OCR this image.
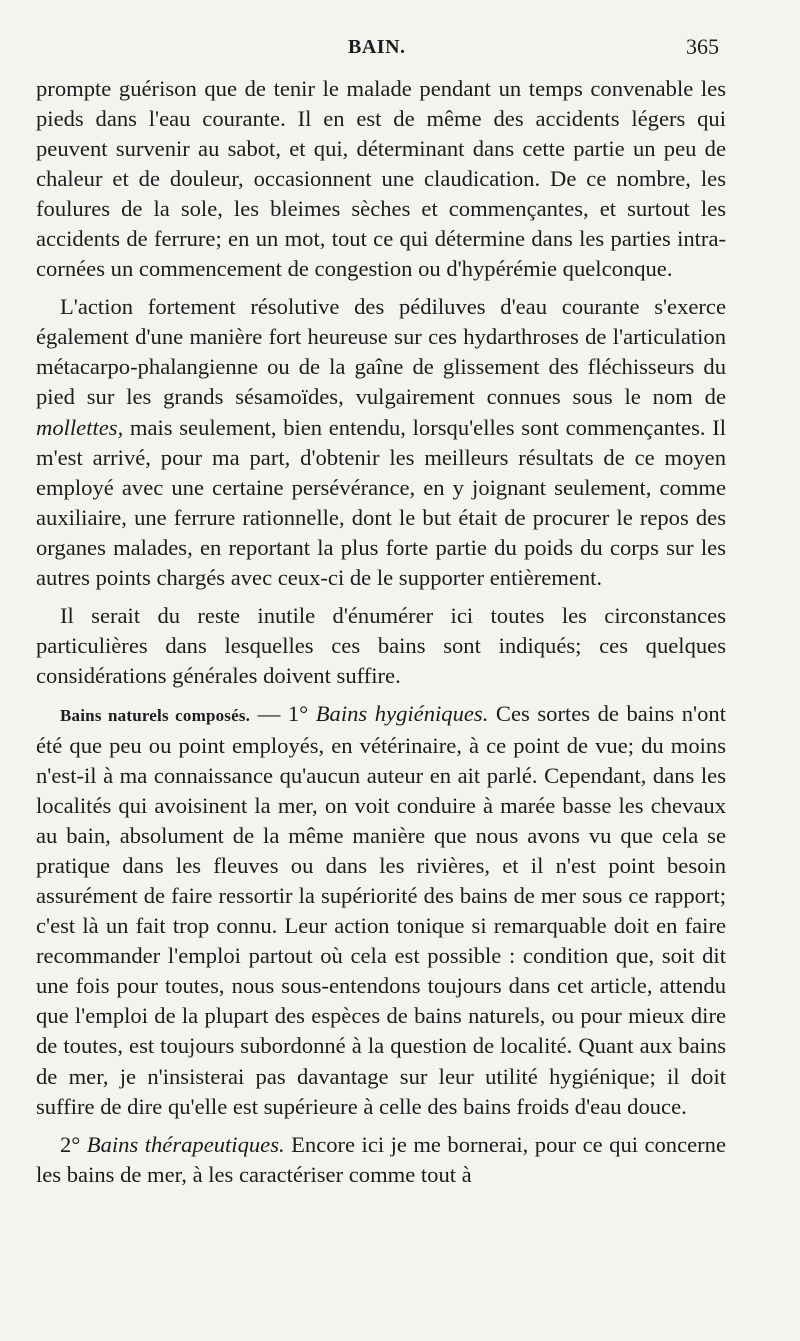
BAIN.	365

prompte guérison que de tenir le malade pendant un temps convenable les pieds dans l'eau courante. Il en est de même des accidents légers qui peuvent survenir au sabot, et qui, déterminant dans cette partie un peu de chaleur et de douleur, occasionnent une claudication. De ce nombre, les foulures de la sole, les bleimes sèches et commençantes, et surtout les accidents de ferrure; en un mot, tout ce qui détermine dans les parties intra-cornées un commencement de congestion ou d'hypérémie quelconque.

L'action fortement résolutive des pédiluves d'eau courante s'exerce également d'une manière fort heureuse sur ces hydarthroses de l'articulation métacarpo-phalangienne ou de la gaîne de glissement des fléchisseurs du pied sur les grands sésamoïdes, vulgairement connues sous le nom de mollettes, mais seulement, bien entendu, lorsqu'elles sont commençantes. Il m'est arrivé, pour ma part, d'obtenir les meilleurs résultats de ce moyen employé avec une certaine persévérance, en y joignant seulement, comme auxiliaire, une ferrure rationnelle, dont le but était de procurer le repos des organes malades, en reportant la plus forte partie du poids du corps sur les autres points chargés avec ceux-ci de le supporter entièrement.

Il serait du reste inutile d'énumérer ici toutes les circonstances particulières dans lesquelles ces bains sont indiqués; ces quelques considérations générales doivent suffire.

Bains naturels composés. — 1° Bains hygiéniques. Ces sortes de bains n'ont été que peu ou point employés, en vétérinaire, à ce point de vue; du moins n'est-il à ma connaissance qu'aucun auteur en ait parlé. Cependant, dans les localités qui avoisinent la mer, on voit conduire à marée basse les chevaux au bain, absolument de la même manière que nous avons vu que cela se pratique dans les fleuves ou dans les rivières, et il n'est point besoin assurément de faire ressortir la supériorité des bains de mer sous ce rapport; c'est là un fait trop connu. Leur action tonique si remarquable doit en faire recommander l'emploi partout où cela est possible : condition que, soit dit une fois pour toutes, nous sous-entendons toujours dans cet article, attendu que l'emploi de la plupart des espèces de bains naturels, ou pour mieux dire de toutes, est toujours subordonné à la question de localité. Quant aux bains de mer, je n'insisterai pas davantage sur leur utilité hygiénique; il doit suffire de dire qu'elle est supérieure à celle des bains froids d'eau douce.

2° Bains thérapeutiques. Encore ici je me bornerai, pour ce qui concerne les bains de mer, à les caractériser comme tout à
